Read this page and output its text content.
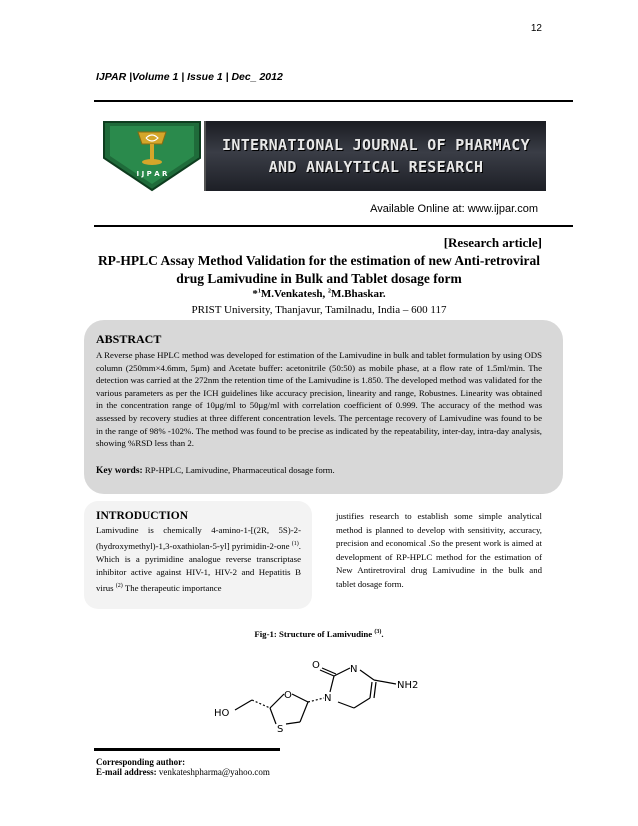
12
IJPAR |Volume 1 | Issue 1 | Dec_ 2012
I J P A R
INTERNATIONAL JOURNAL OF PHARMACY
AND ANALYTICAL RESEARCH
Available Online at: www.ijpar.com
[Research article]
RP-HPLC Assay Method Validation for the estimation of new Anti-retroviral drug Lamivudine in Bulk and Tablet dosage form
*$^1$M.Venkatesh, $^2$M.Bhaskar.
PRIST University, Thanjavur, Tamilnadu, India – 600 117
ABSTRACT
A Reverse phase HPLC method was developed for estimation of the Lamivudine in bulk and tablet formulation by using ODS column (250mm×4.6mm, 5μm) and Acetate buffer: acetonitrile (50:50) as mobile phase, at a flow rate of 1.5ml/min. The detection was carried at the 272nm the retention time of the Lamivudine is 1.850. The developed method was validated for the various parameters as per the ICH guidelines like accuracy precision, linearity and range, Robustnes. Linearity was obtained in the concentration range of 10μg/ml to 50μg/ml with correlation coefficient of 0.999. The accuracy of the method was assessed by recovery studies at three different concentration levels. The percentage recovery of Lamivudine was found to be in the range of 98% -102%. The method was found to be precise as indicated by the repeatability, inter-day, intra-day analysis, showing %RSD less than 2.
Key words: RP-HPLC, Lamivudine, Pharmaceutical dosage form.
INTRODUCTION
Lamivudine is chemically 4-amino-1-[(2R, 5S)-2-(hydroxymethyl)-1,3-oxathiolan-5-yl] pyrimidin-2-one $^{(1)}$. Which is a pyrimidine analogue reverse transcriptase inhibitor active against HIV-1, HIV-2 and Hepatitis B virus $^{(2)}$ The therapeutic importance
justifies research to establish some simple analytical method is planned to develop with sensitivity, accuracy, precision and economical .So the present work is aimed at development of RP-HPLC method for the estimation of New Antiretroviral drug Lamivudine in the bulk and tablet dosage form.
Fig-1: Structure of Lamivudine $^{(3)}$.
HO
O
S
N
O	N
NH2
Corresponding author:
E-mail address: venkateshpharma@yahoo.com
